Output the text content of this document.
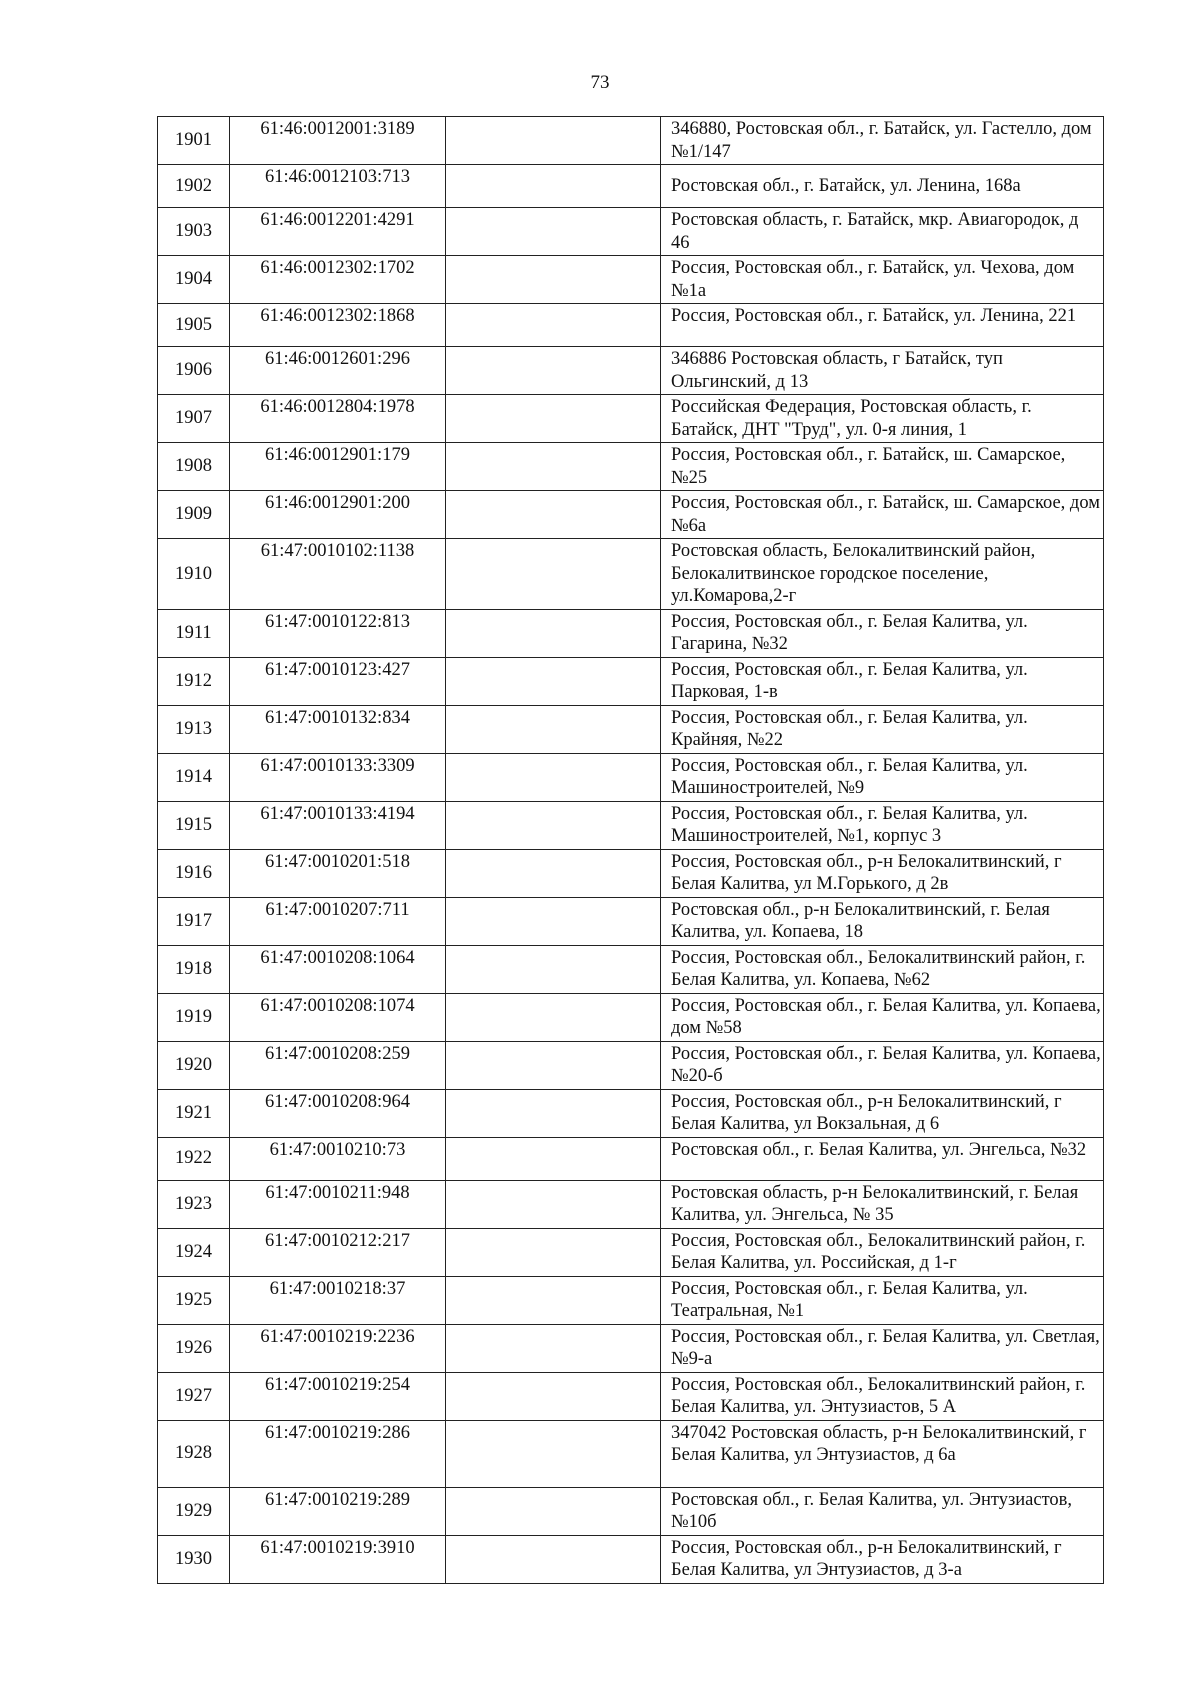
73
1901	61:46:0012001:3189		346880, Ростовская обл., г. Батайск, ул. Гастелло, дом №1/147
1902	61:46:0012103:713		Ростовская обл., г. Батайск, ул. Ленина, 168а
1903	61:46:0012201:4291		Ростовская область, г. Батайск, мкр. Авиагородок, д 46
1904	61:46:0012302:1702		Россия, Ростовская обл., г. Батайск, ул. Чехова, дом №1а
1905	61:46:0012302:1868		Россия, Ростовская обл., г. Батайск, ул. Ленина, 221
1906	61:46:0012601:296		346886 Ростовская область, г Батайск, туп Ольгинский, д 13
1907	61:46:0012804:1978		Российская Федерация, Ростовская область, г. Батайск, ДНТ "Труд", ул. 0-я линия, 1
1908	61:46:0012901:179		Россия, Ростовская обл., г. Батайск, ш. Самарское, №25
1909	61:46:0012901:200		Россия, Ростовская обл., г. Батайск, ш. Самарское, дом №6а
1910	61:47:0010102:1138		Ростовская область, Белокалитвинский район, Белокалитвинское городское поселение, ул.Комарова,2-г
1911	61:47:0010122:813		Россия, Ростовская обл., г. Белая Калитва, ул. Гагарина, №32
1912	61:47:0010123:427		Россия, Ростовская обл., г. Белая Калитва, ул. Парковая, 1-в
1913	61:47:0010132:834		Россия, Ростовская обл., г. Белая Калитва, ул. Крайняя, №22
1914	61:47:0010133:3309		Россия, Ростовская обл., г. Белая Калитва, ул. Машиностроителей, №9
1915	61:47:0010133:4194		Россия, Ростовская обл., г. Белая Калитва, ул. Машиностроителей, №1, корпус 3
1916	61:47:0010201:518		Россия, Ростовская обл., р-н Белокалитвинский, г Белая Калитва, ул М.Горького, д 2в
1917	61:47:0010207:711		Ростовская обл., р-н Белокалитвинский, г. Белая Калитва, ул. Копаева, 18
1918	61:47:0010208:1064		Россия, Ростовская обл., Белокалитвинский район, г. Белая Калитва, ул. Копаева, №62
1919	61:47:0010208:1074		Россия, Ростовская обл., г. Белая Калитва, ул. Копаева, дом №58
1920	61:47:0010208:259		Россия, Ростовская обл., г. Белая Калитва, ул. Копаева, №20-б
1921	61:47:0010208:964		Россия, Ростовская обл., р-н Белокалитвинский, г Белая Калитва, ул Вокзальная, д 6
1922	61:47:0010210:73		Ростовская обл., г. Белая Калитва, ул. Энгельса, №32
1923	61:47:0010211:948		Ростовская область, р-н Белокалитвинский, г. Белая Калитва, ул. Энгельса, № 35
1924	61:47:0010212:217		Россия, Ростовская обл., Белокалитвинский район, г. Белая Калитва, ул. Российская, д 1-г
1925	61:47:0010218:37		Россия, Ростовская обл., г. Белая Калитва, ул. Театральная, №1
1926	61:47:0010219:2236		Россия, Ростовская обл., г. Белая Калитва, ул. Светлая, №9-а
1927	61:47:0010219:254		Россия, Ростовская обл., Белокалитвинский район, г. Белая Калитва, ул. Энтузиастов, 5 А
1928	61:47:0010219:286		347042 Ростовская область, р-н Белокалитвинский, г Белая Калитва, ул Энтузиастов, д 6а
1929	61:47:0010219:289		Ростовская обл., г. Белая Калитва, ул. Энтузиастов, №10б
1930	61:47:0010219:3910		Россия, Ростовская обл., р-н Белокалитвинский, г Белая Калитва, ул Энтузиастов, д 3-а
